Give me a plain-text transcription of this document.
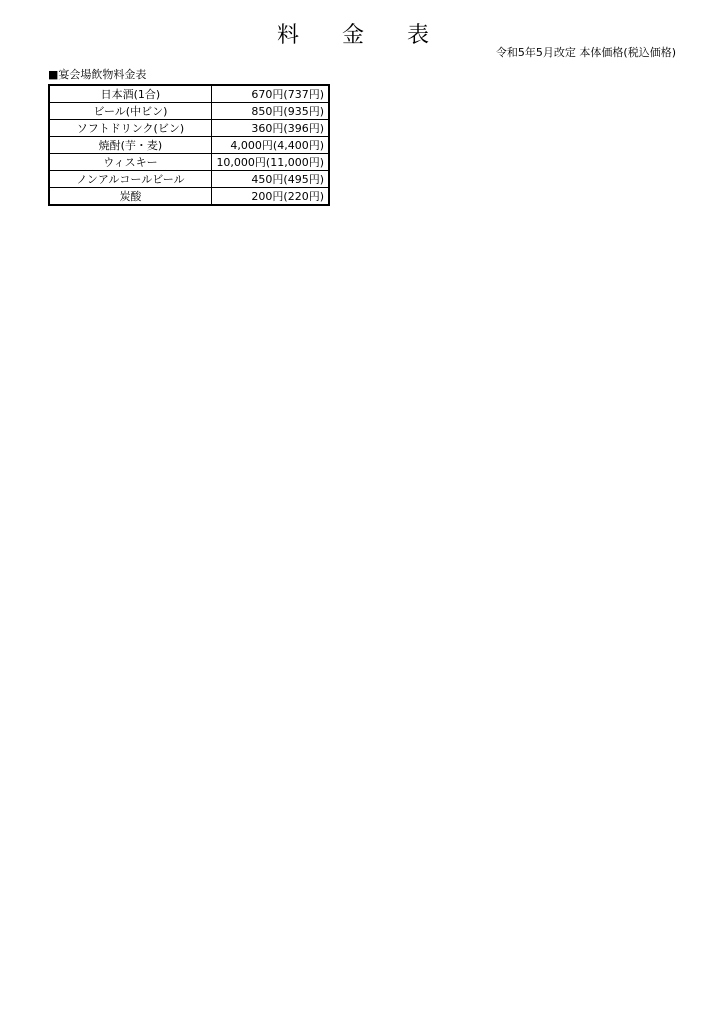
料 金 表
令和5年5月改定 本体価格(税込価格)
■宴会場飲物料金表
日本酒(1合)	670円(737円)
ビール(中ビン)	850円(935円)
ソフトドリンク(ビン)	360円(396円)
焼酎(芋・麦)	4,000円(4,400円)
ウィスキー	10,000円(11,000円)
ノンアルコールビール	450円(495円)
炭酸	200円(220円)
